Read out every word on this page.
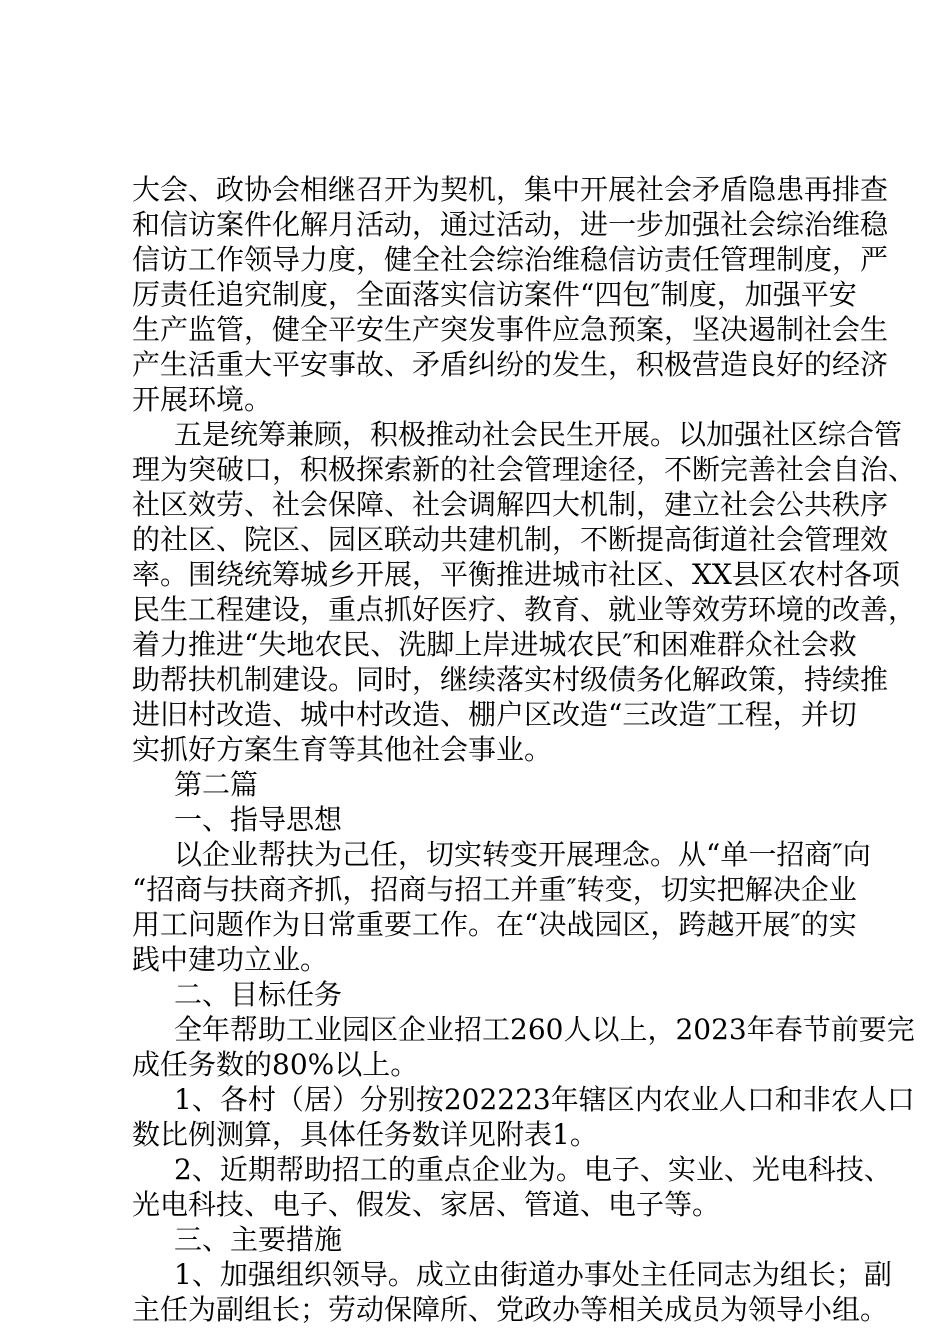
大会、政协会相继召开为契机，集中开展社会矛盾隐患再排查
和信访案件化解月活动，通过活动，进一步加强社会综治维稳
信访工作领导力度，健全社会综治维稳信访责任管理制度，严
厉责任追究制度，全面落实信访案件“四包″制度，加强平安
生产监管，健全平安生产突发事件应急预案，坚决遏制社会生
产生活重大平安事故、矛盾纠纷的发生，积极营造良好的经济
开展环境。
五是统筹兼顾，积极推动社会民生开展。以加强社区综合管
理为突破口，积极探索新的社会管理途径，不断完善社会自治、
社区效劳、社会保障、社会调解四大机制，建立社会公共秩序
的社区、院区、园区联动共建机制，不断提高街道社会管理效
率。围绕统筹城乡开展，平衡推进城市社区、XX县区农村各项
民生工程建设，重点抓好医疗、教育、就业等效劳环境的改善，
着力推进“失地农民、洗脚上岸进城农民″和困难群众社会救
助帮扶机制建设。同时，继续落实村级债务化解政策，持续推
进旧村改造、城中村改造、棚户区改造“三改造″工程，并切
实抓好方案生育等其他社会事业。
第二篇
一、指导思想
以企业帮扶为己任，切实转变开展理念。从“单一招商″向
“招商与扶商齐抓，招商与招工并重″转变，切实把解决企业
用工问题作为日常重要工作。在“决战园区，跨越开展″的实
践中建功立业。
二、目标任务
全年帮助工业园区企业招工260人以上，2023年春节前要完
成任务数的80%以上。
1、各村（居）分别按202223年辖区内农业人口和非农人口
数比例测算，具体任务数详见附表1。
2、近期帮助招工的重点企业为。电子、实业、光电科技、
光电科技、电子、假发、家居、管道、电子等。
三、主要措施
1、加强组织领导。成立由街道办事处主任同志为组长；副
主任为副组长；劳动保障所、党政办等相关成员为领导小组。
